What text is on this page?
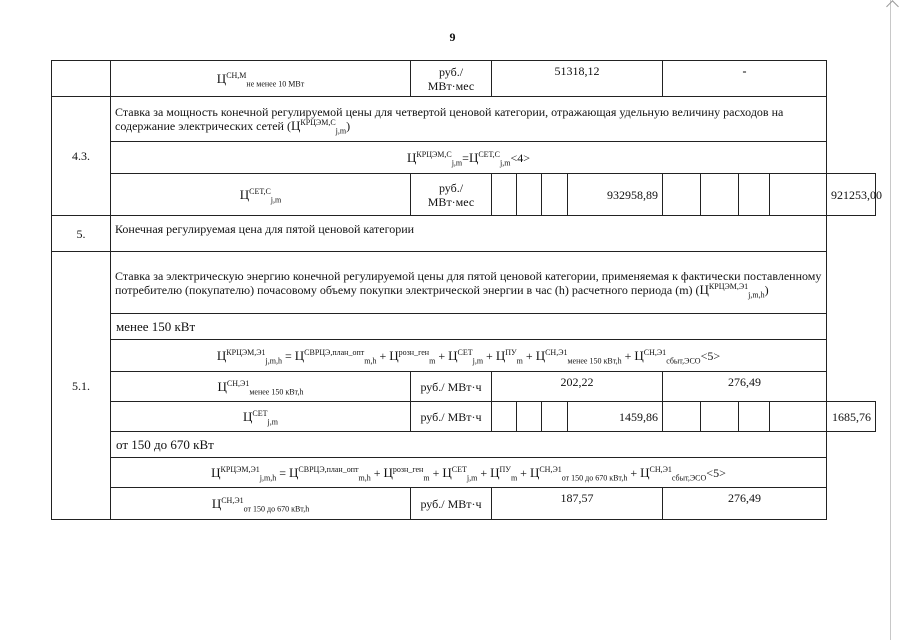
9
	$Ц^{СН,М}_{не менее 10 МВт}$	руб./
МВт·мес	51318,12				-				
4.3.	Ставка за мощность конечной регулируемой цены для четвертой ценовой категории, отражающая удельную величину расходов на содержание электрических сетей $(Ц^{КРЦЭМ,С}_{j,m})$										
	$Ц^{КРЦЭМ,С}_{j,m}=Ц^{СЕТ,С}_{j,m}<4>$										
	$Ц^{СЕТ,С}_{j,m}$	руб./
МВт·мес				932958,89					921253,00
5.	Конечная регулируемая цена для пятой ценовой категории										
5.1.	Ставка за электрическую энергию конечной регулируемой цены для пятой ценовой категории, применяемая к фактически поставленному потребителю (покупателю) почасовому объему покупки электрической энергии в час (h) расчетного периода (m) $(Ц^{КРЦЭМ,Э1}_{j,m,h})$										
	менее 150 кВт										
	$Ц^{КРЦЭМ,Э1}_{j,m,h} = Ц^{СВРЦЭ,план\_опт}_{m,h} + Ц^{розн\_ген}_m + Ц^{СЕТ}_{j,m} + Ц^{ПУ}_m + Ц^{СН,Э1}_{менее 150 кВт,h} + Ц^{СН,Э1}_{сбыт,ЭСО}<5>$										
	$Ц^{СН,Э1}_{менее 150 кВт,h}$	руб./ МВт·ч	202,22				276,49				
	$Ц^{СЕТ}_{j,m}$	руб./ МВт·ч				1459,86					1685,76
	от 150 до 670 кВт										
	$Ц^{КРЦЭМ,Э1}_{j,m,h} = Ц^{СВРЦЭ,план\_опт}_{m,h} + Ц^{розн\_ген}_m + Ц^{СЕТ}_{j,m} + Ц^{ПУ}_m + Ц^{СН,Э1}_{от 150 до 670 кВт,h} + Ц^{СН,Э1}_{сбыт,ЭСО}<5>$										
	$Ц^{СН,Э1}_{от 150 до 670 кВт,h}$	руб./ МВт·ч	187,57				276,49				
